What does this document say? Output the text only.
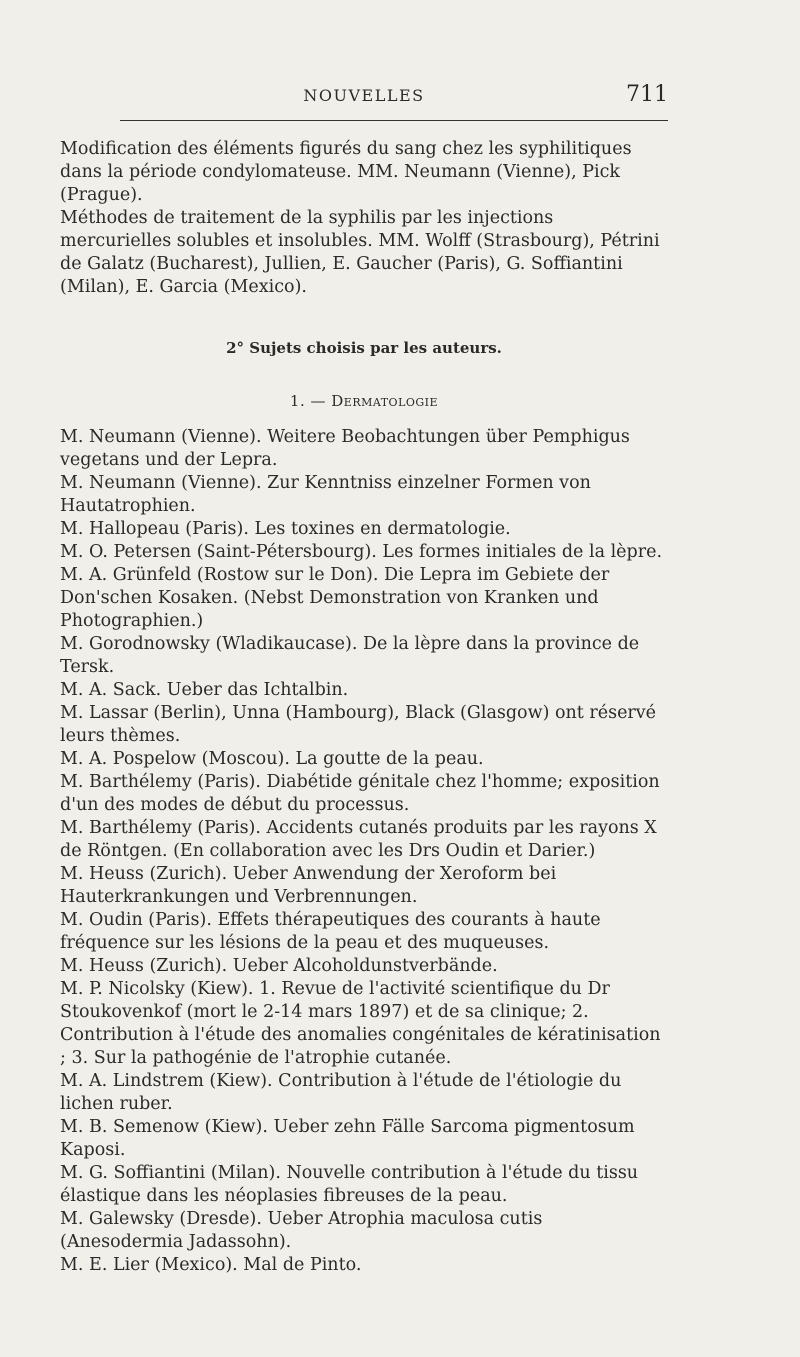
NOUVELLES	711

Modification des éléments figurés du sang chez les syphilitiques dans la période condylomateuse. MM. Neumann (Vienne), Pick (Prague).

Méthodes de traitement de la syphilis par les injections mercurielles solubles et insolubles. MM. Wolff (Strasbourg), Pétrini de Galatz (Bucharest), Jullien, E. Gaucher (Paris), G. Soffiantini (Milan), E. Garcia (Mexico).

2° Sujets choisis par les auteurs.

1. — Dermatologie

M. Neumann (Vienne). Weitere Beobachtungen über Pemphigus vegetans und der Lepra.

M. Neumann (Vienne). Zur Kenntniss einzelner Formen von Hautatrophien.

M. Hallopeau (Paris). Les toxines en dermatologie.

M. O. Petersen (Saint-Pétersbourg). Les formes initiales de la lèpre.

M. A. Grünfeld (Rostow sur le Don). Die Lepra im Gebiete der Don'schen Kosaken. (Nebst Demonstration von Kranken und Photographien.)

M. Gorodnowsky (Wladikaucase). De la lèpre dans la province de Tersk.

M. A. Sack. Ueber das Ichtalbin.

M. Lassar (Berlin), Unna (Hambourg), Black (Glasgow) ont réservé leurs thèmes.

M. A. Pospelow (Moscou). La goutte de la peau.

M. Barthélemy (Paris). Diabétide génitale chez l'homme; exposition d'un des modes de début du processus.

M. Barthélemy (Paris). Accidents cutanés produits par les rayons X de Röntgen. (En collaboration avec les Drs Oudin et Darier.)

M. Heuss (Zurich). Ueber Anwendung der Xeroform bei Hauterkrankungen und Verbrennungen.

M. Oudin (Paris). Effets thérapeutiques des courants à haute fréquence sur les lésions de la peau et des muqueuses.

M. Heuss (Zurich). Ueber Alcoholdunstverbände.

M. P. Nicolsky (Kiew). 1. Revue de l'activité scientifique du Dr Stoukovenkof (mort le 2-14 mars 1897) et de sa clinique; 2. Contribution à l'étude des anomalies congénitales de kératinisation ; 3. Sur la pathogénie de l'atrophie cutanée.

M. A. Lindstrem (Kiew). Contribution à l'étude de l'étiologie du lichen ruber.

M. B. Semenow (Kiew). Ueber zehn Fälle Sarcoma pigmentosum Kaposi.

M. G. Soffiantini (Milan). Nouvelle contribution à l'étude du tissu élastique dans les néoplasies fibreuses de la peau.

M. Galewsky (Dresde). Ueber Atrophia maculosa cutis (Anesodermia Jadassohn).

M. E. Lier (Mexico). Mal de Pinto.
